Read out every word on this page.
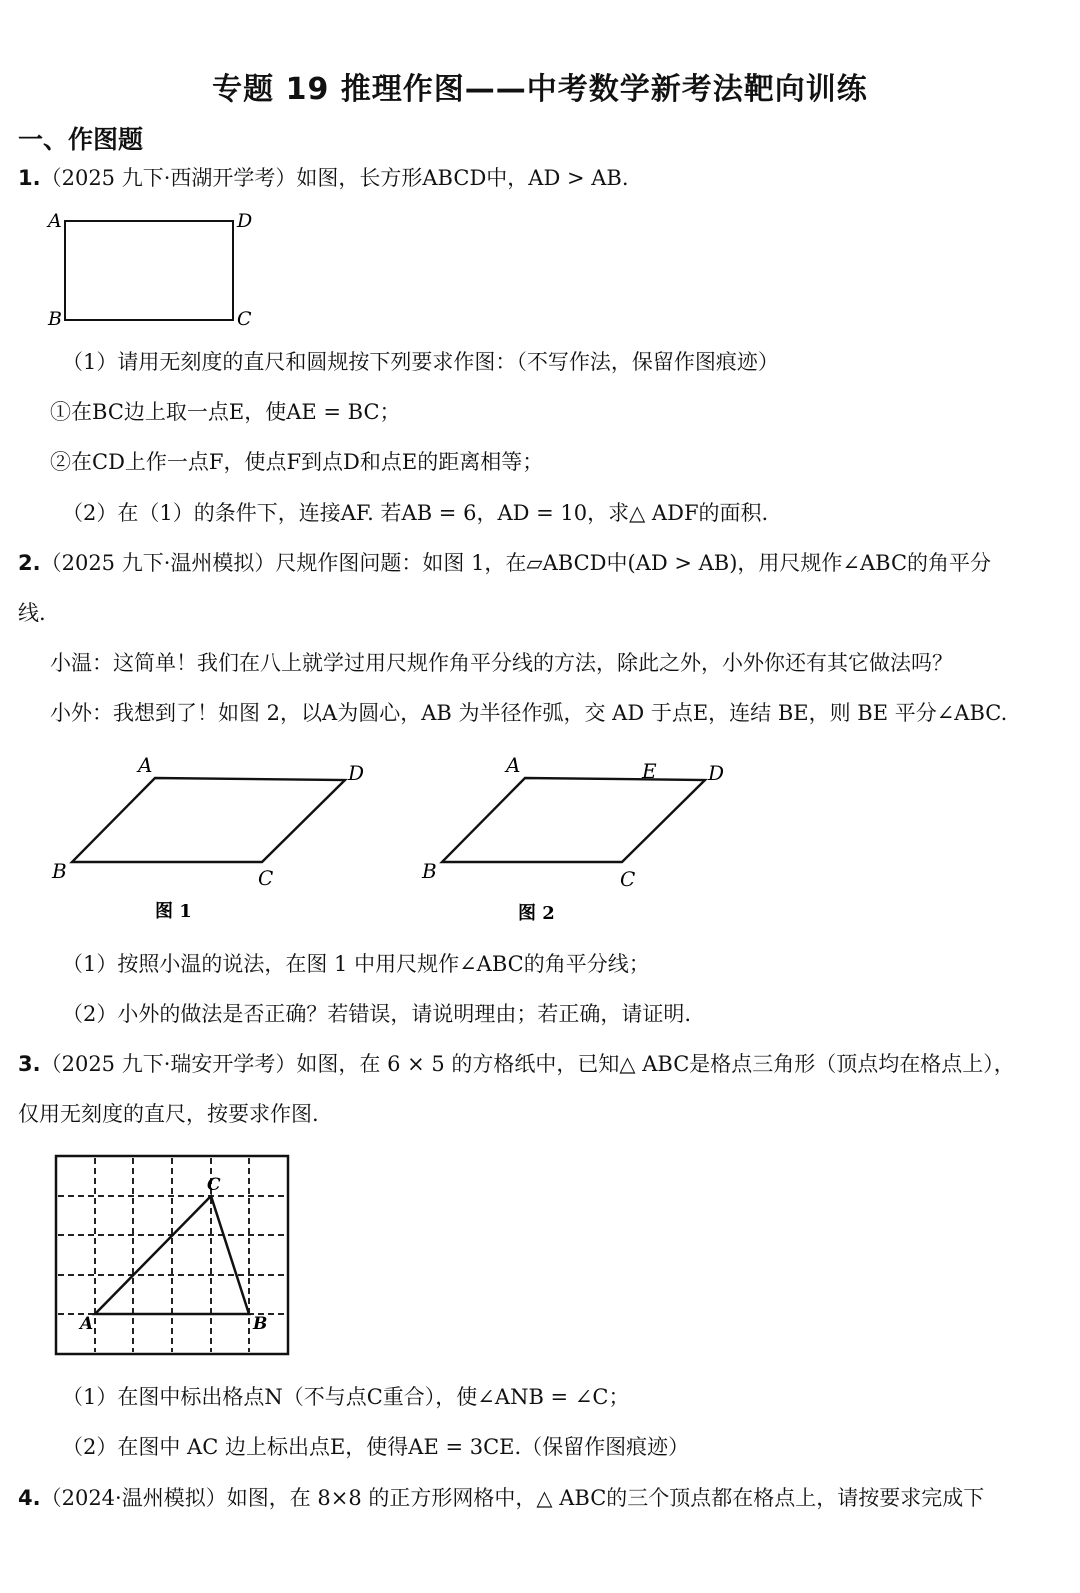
专题 19 推理作图——中考数学新考法靶向训练
一、作图题
1.（2025 九下·西湖开学考）如图，长方形ABCD中，AD > AB.
A	D
B	C
（1）请用无刻度的直尺和圆规按下列要求作图：（不写作法，保留作图痕迹）
①在BC边上取一点E，使AE = BC；
②在CD上作一点F，使点F到点D和点E的距离相等；
（2）在（1）的条件下，连接AF. 若AB = 6，AD = 10，求△ ADF的面积.
2.（2025 九下·温州模拟）尺规作图问题：如图 1，在▱ABCD中(AD > AB)，用尺规作∠ABC的角平分
线.
小温：这简单！我们在八上就学过用尺规作角平分线的方法，除此之外，小外你还有其它做法吗？
小外：我想到了！如图 2，以A为圆心，AB 为半径作弧，交 AD 于点E，连结 BE，则 BE 平分∠ABC.
A	D
B	C
图 1
A	E	D
B	C
图 2
（1）按照小温的说法，在图 1 中用尺规作∠ABC的角平分线；
（2）小外的做法是否正确？若错误，请说明理由；若正确，请证明.
3.（2025 九下·瑞安开学考）如图，在 6 × 5 的方格纸中，已知△ ABC是格点三角形（顶点均在格点上），
仅用无刻度的直尺，按要求作图.
A	B
C
（1）在图中标出格点N（不与点C重合），使∠ANB = ∠C；
（2）在图中 AC 边上标出点E，使得AE = 3CE.（保留作图痕迹）
4.（2024·温州模拟）如图，在 8×8 的正方形网格中，△ ABC的三个顶点都在格点上，请按要求完成下
